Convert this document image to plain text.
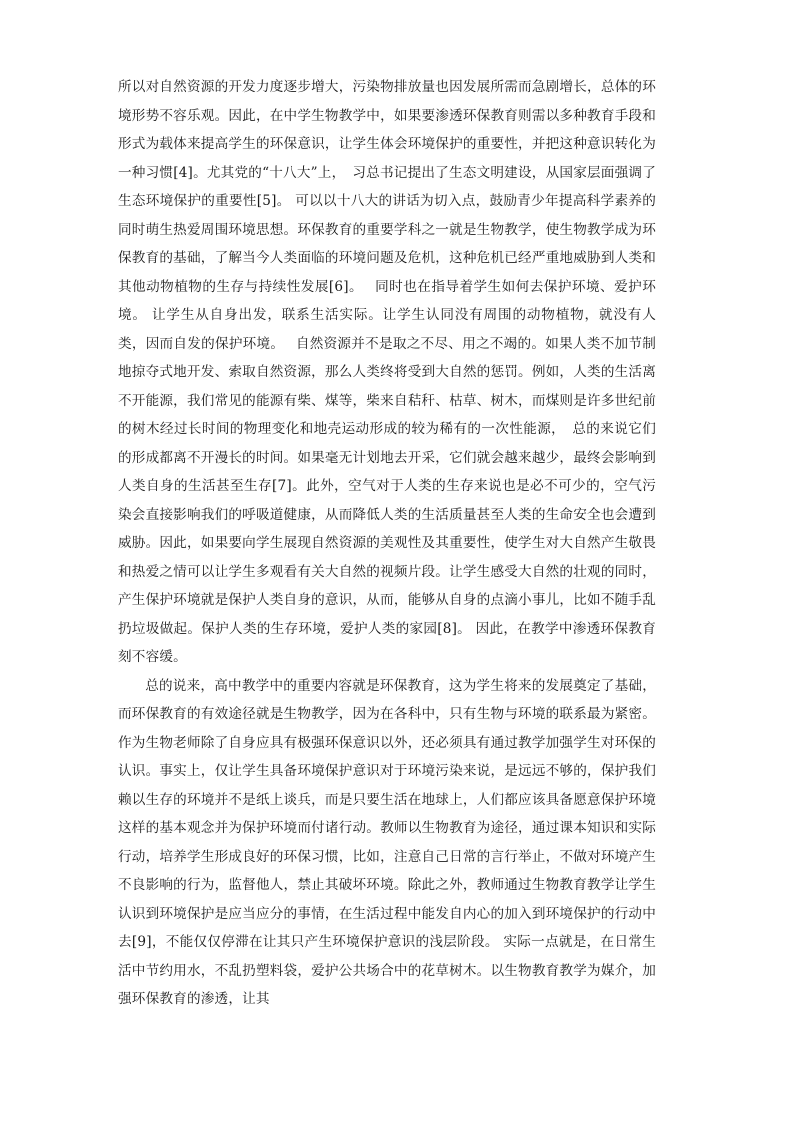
所以对自然资源的开发力度逐步增大，污染物排放量也因发展所需而急剧增长，总体的环境形势不容乐观。因此，在中学生物教学中，如果要渗透环保教育则需以多种教育手段和形式为载体来提高学生的环保意识，让学生体会环境保护的重要性，并把这种意识转化为一种习惯[4]。尤其党的“十八大”上，　习总书记提出了生态文明建设，从国家层面强调了生态环境保护的重要性[5]。 可以以十八大的讲话为切入点，鼓励青少年提高科学素养的同时萌生热爱周围环境思想。环保教育的重要学科之一就是生物教学，使生物教学成为环保教育的基础，了解当今人类面临的环境问题及危机，这种危机已经严重地威胁到人类和其他动物植物的生存与持续性发展[6]。　 同时也在指导着学生如何去保护环境、爱护环境。 让学生从自身出发，联系生活实际。让学生认同没有周围的动物植物，就没有人类，因而自发的保护环境。　 自然资源并不是取之不尽、用之不竭的。如果人类不加节制地掠夺式地开发、索取自然资源，那么人类终将受到大自然的惩罚。例如，人类的生活离不开能源，我们常见的能源有柴、煤等，柴来自秸秆、枯草、树木，而煤则是许多世纪前的树木经过长时间的物理变化和地壳运动形成的较为稀有的一次性能源，　总的来说它们的形成都离不开漫长的时间。如果毫无计划地去开采，它们就会越来越少，最终会影响到人类自身的生活甚至生存[7]。此外，空气对于人类的生存来说也是必不可少的，空气污染会直接影响我们的呼吸道健康，从而降低人类的生活质量甚至人类的生命安全也会遭到威胁。因此，如果要向学生展现自然资源的美观性及其重要性，使学生对大自然产生敬畏和热爱之情可以让学生多观看有关大自然的视频片段。让学生感受大自然的壮观的同时，产生保护环境就是保护人类自身的意识，从而，能够从自身的点滴小事儿，比如不随手乱扔垃圾做起。保护人类的生存环境，爱护人类的家园[8]。 因此，在教学中渗透环保教育刻不容缓。

总的说来，高中教学中的重要内容就是环保教育，这为学生将来的发展奠定了基础，而环保教育的有效途径就是生物教学，因为在各科中，只有生物与环境的联系最为紧密。作为生物老师除了自身应具有极强环保意识以外，还必须具有通过教学加强学生对环保的认识。事实上，仅让学生具备环境保护意识对于环境污染来说，是远远不够的，保护我们赖以生存的环境并不是纸上谈兵，而是只要生活在地球上，人们都应该具备愿意保护环境这样的基本观念并为保护环境而付诸行动。教师以生物教育为途径，通过课本知识和实际行动，培养学生形成良好的环保习惯，比如，注意自己日常的言行举止，不做对环境产生不良影响的行为，监督他人，禁止其破坏环境。除此之外，教师通过生物教育教学让学生认识到环境保护是应当应分的事情，在生活过程中能发自内心的加入到环境保护的行动中去[9]，不能仅仅停滞在让其只产生环境保护意识的浅层阶段。 实际一点就是，在日常生活中节约用水，不乱扔塑料袋，爱护公共场合中的花草树木。以生物教育教学为媒介，加强环保教育的渗透，让其
